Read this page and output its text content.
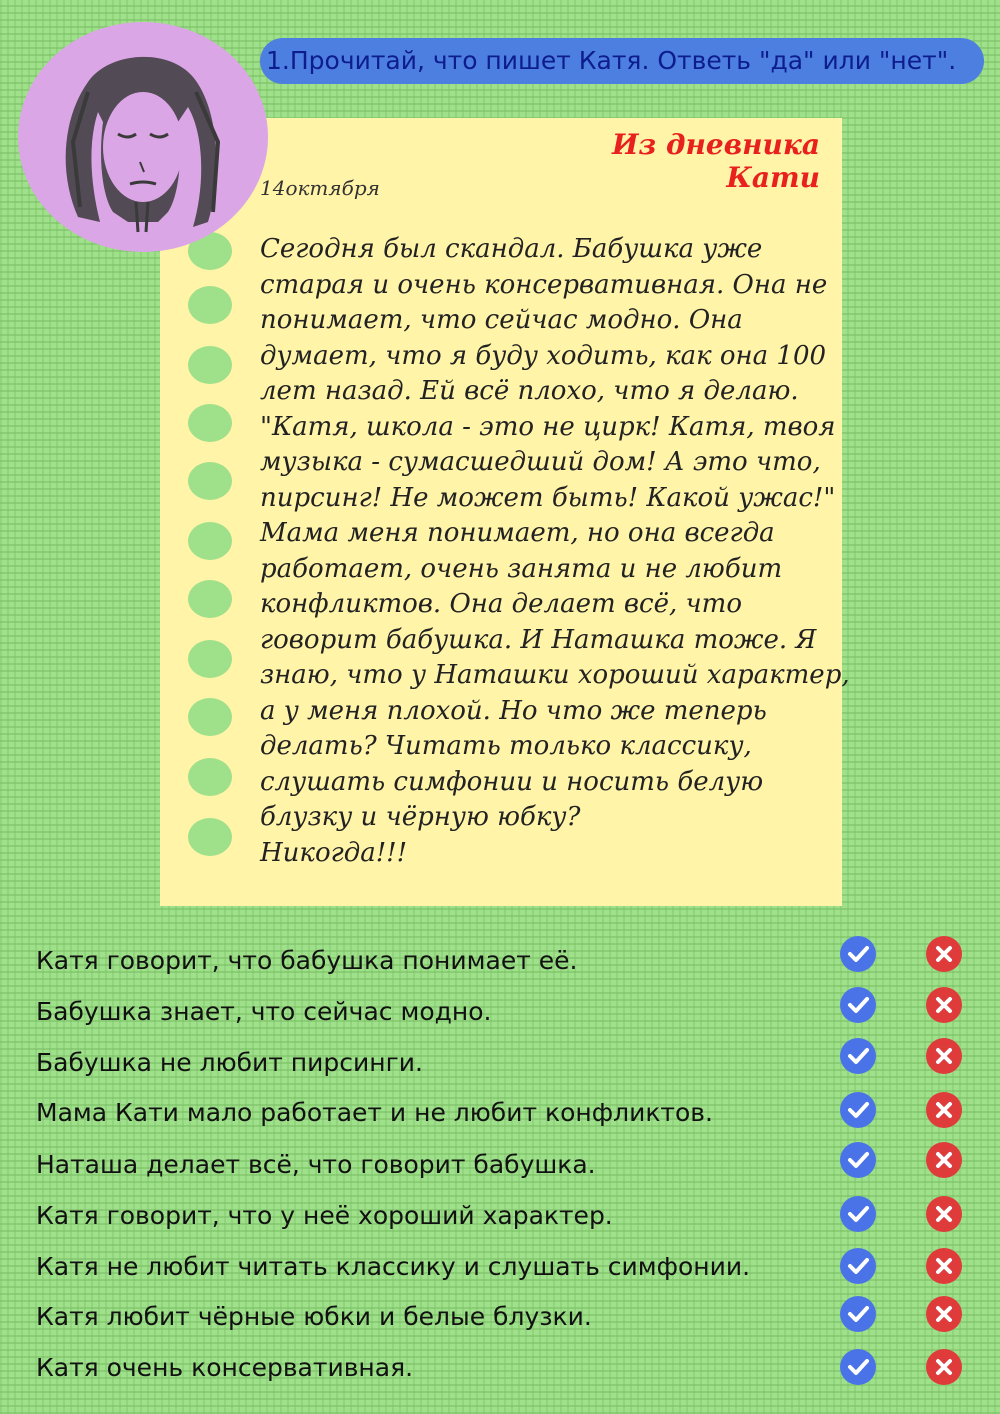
1.Прочитай, что пишет Катя. Ответь "да" или "нет".
Из дневника Кати
14октября
Сегодня был скандал. Бабушка уже
старая и очень консервативная. Она не
понимает, что сейчас модно. Она
думает, что я буду ходить, как она 100
лет назад. Ей всё плохо, что я делаю.
"Катя, школа - это не цирк! Катя, твоя
музыка - сумасшедший дом! А это что,
пирсинг! Не может быть! Какой ужас!"
Мама меня понимает, но она всегда
работает, очень занята и не любит
конфликтов. Она делает всё, что
говорит бабушка. И Наташка тоже. Я
знаю, что у Наташки хороший характер,
а у меня плохой. Но что же теперь
делать? Читать только классику,
слушать симфонии и носить белую
блузку и чёрную юбку?
Никогда!!!
Катя говорит, что бабушка понимает её.
Бабушка знает, что сейчас модно.
Бабушка не любит пирсинги.
Мама Кати мало работает и не любит конфликтов.
Наташа делает всё, что говорит бабушка.
Катя говорит, что у неё хороший характер.
Катя не любит читать классику и слушать симфонии.
Катя любит чёрные юбки и белые блузки.
Катя очень консервативная.
